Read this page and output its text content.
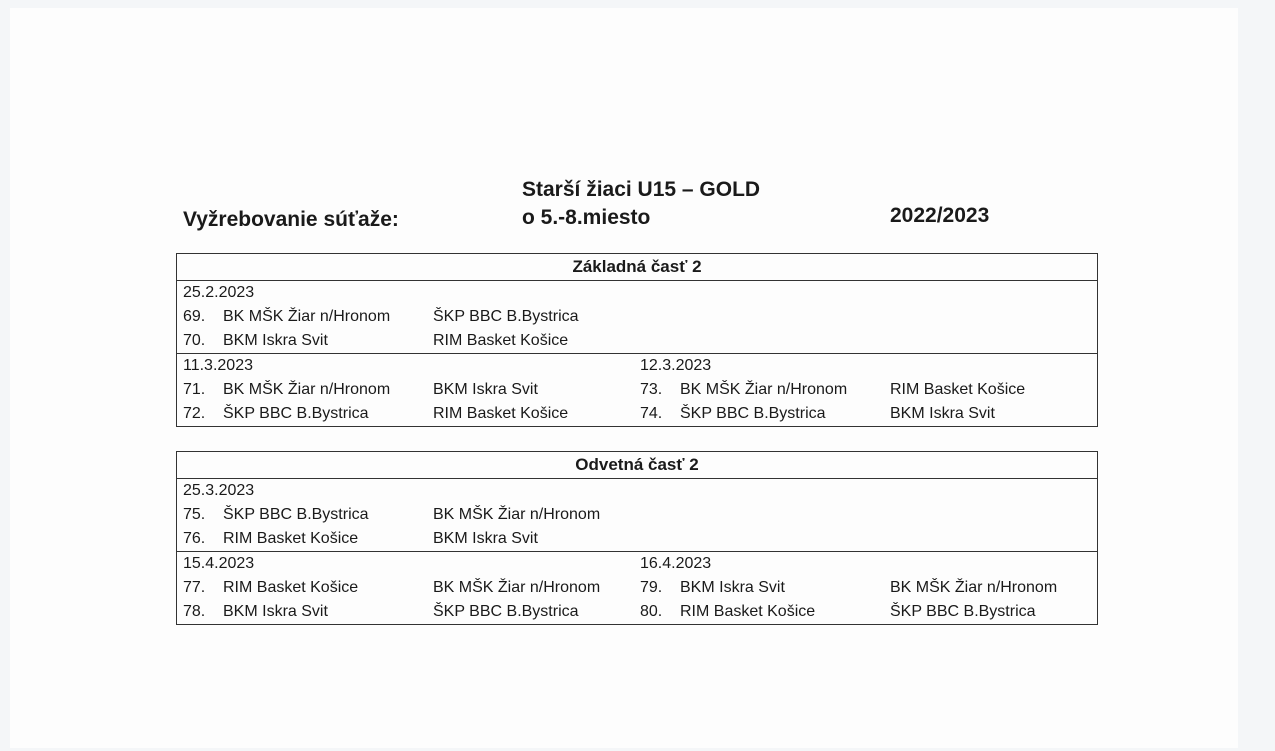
Vyžrebovanie súťaže:
Starší žiaci U15 – GOLD
o 5.-8.miesto	2022/2023
Základná časť 2
25.2.2023
69. BK MŠK Žiar n/Hronom	ŠKP BBC B.Bystrica
70. BKM Iskra Svit	RIM Basket Košice
11.3.2023
71. BK MŠK Žiar n/Hronom	BKM Iskra Svit
72. ŠKP BBC B.Bystrica	RIM Basket Košice
12.3.2023
73. BK MŠK Žiar n/Hronom	RIM Basket Košice
74. ŠKP BBC B.Bystrica	BKM Iskra Svit
Odvetná časť 2
25.3.2023
75. ŠKP BBC B.Bystrica	BK MŠK Žiar n/Hronom
76. RIM Basket Košice	BKM Iskra Svit
15.4.2023
77. RIM Basket Košice	BK MŠK Žiar n/Hronom
78. BKM Iskra Svit	ŠKP BBC B.Bystrica
16.4.2023
79. BKM Iskra Svit	BK MŠK Žiar n/Hronom
80. RIM Basket Košice	ŠKP BBC B.Bystrica
